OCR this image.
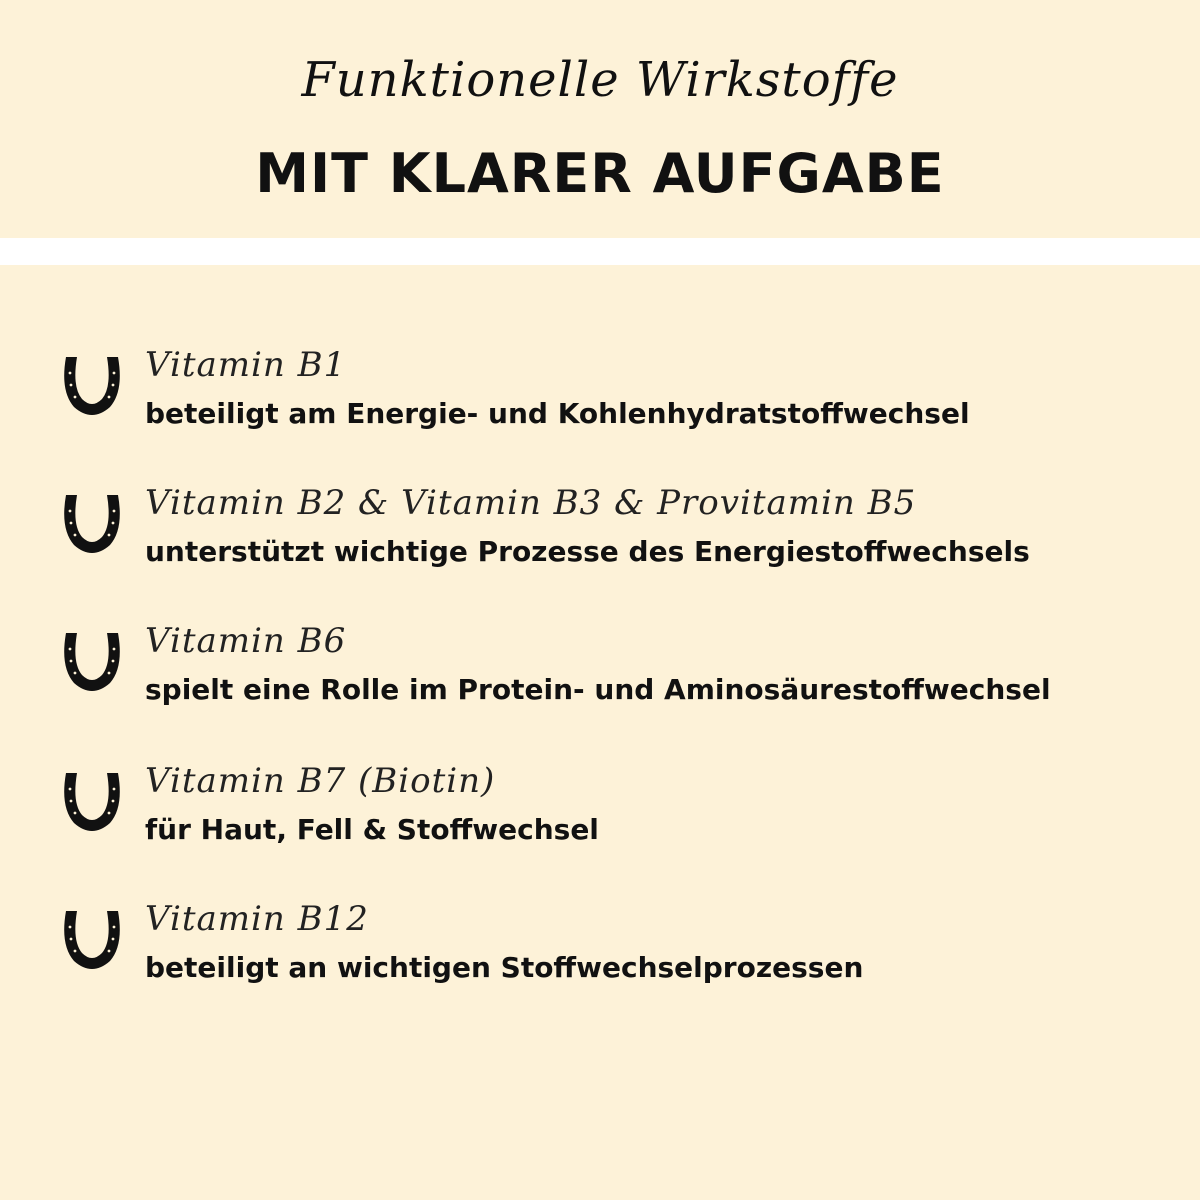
Funktionelle Wirkstoffe
MIT KLARER AUFGABE
Vitamin B1
beteiligt am Energie- und Kohlenhydratstoffwechsel
Vitamin B2 & Vitamin B3 & Provitamin B5
unterstützt wichtige Prozesse des Energiestoffwechsels
Vitamin B6
spielt eine Rolle im Protein- und Aminosäurestoffwechsel
Vitamin B7 (Biotin)
für Haut, Fell & Stoffwechsel
Vitamin B12
beteiligt an wichtigen Stoffwechselprozessen
